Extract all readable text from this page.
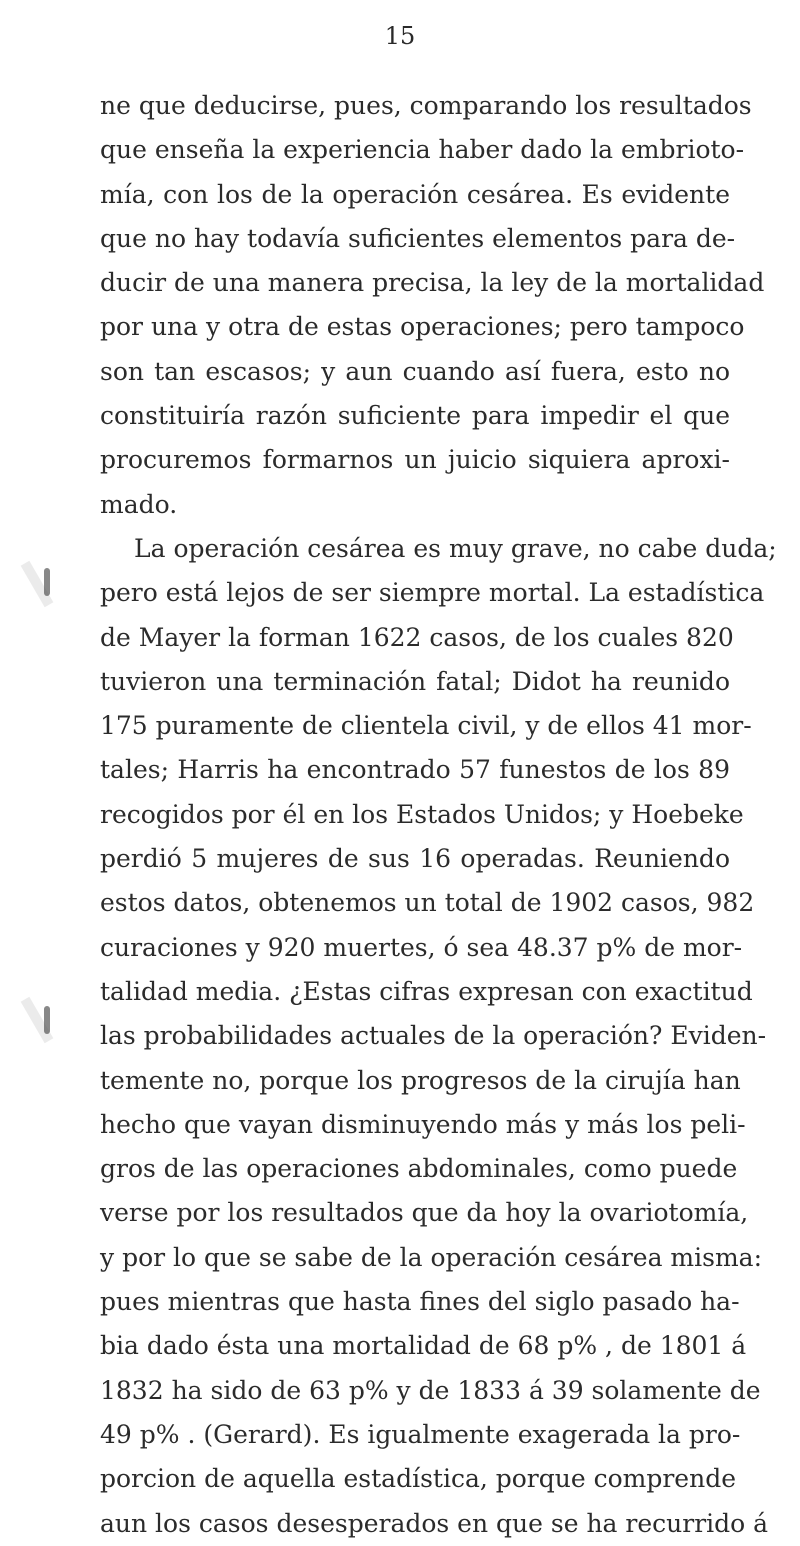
15
ne que deducirse, pues, comparando los resultados
que enseña la experiencia haber dado la embrioto-
mía, con los de la operación cesárea. Es evidente
que no hay todavía suficientes elementos para de-
ducir de una manera precisa, la ley de la mortalidad
por una y otra de estas operaciones; pero tampoco
son tan escasos; y aun cuando así fuera, esto no
constituiría razón suficiente para impedir el que
procuremos formarnos un juicio siquiera aproxi-
mado.
La operación cesárea es muy grave, no cabe duda;
pero está lejos de ser siempre mortal. La estadística
de Mayer la forman 1622 casos, de los cuales 820
tuvieron una terminación fatal; Didot ha reunido
175 puramente de clientela civil, y de ellos 41 mor-
tales; Harris ha encontrado 57 funestos de los 89
recogidos por él en los Estados Unidos; y Hoebeke
perdió 5 mujeres de sus 16 operadas. Reuniendo
estos datos, obtenemos un total de 1902 casos, 982
curaciones y 920 muertes, ó sea 48.37 p% de mor-
talidad media. ¿Estas cifras expresan con exactitud
las probabilidades actuales de la operación? Eviden-
temente no, porque los progresos de la cirujía han
hecho que vayan disminuyendo más y más los peli-
gros de las operaciones abdominales, como puede
verse por los resultados que da hoy la ovariotomía,
y por lo que se sabe de la operación cesárea misma:
pues mientras que hasta fines del siglo pasado ha-
bia dado ésta una mortalidad de 68 p% , de 1801 á
1832 ha sido de 63 p% y de 1833 á 39 solamente de
49 p% . (Gerard). Es igualmente exagerada la pro-
porcion de aquella estadística, porque comprende
aun los casos desesperados en que se ha recurrido á
